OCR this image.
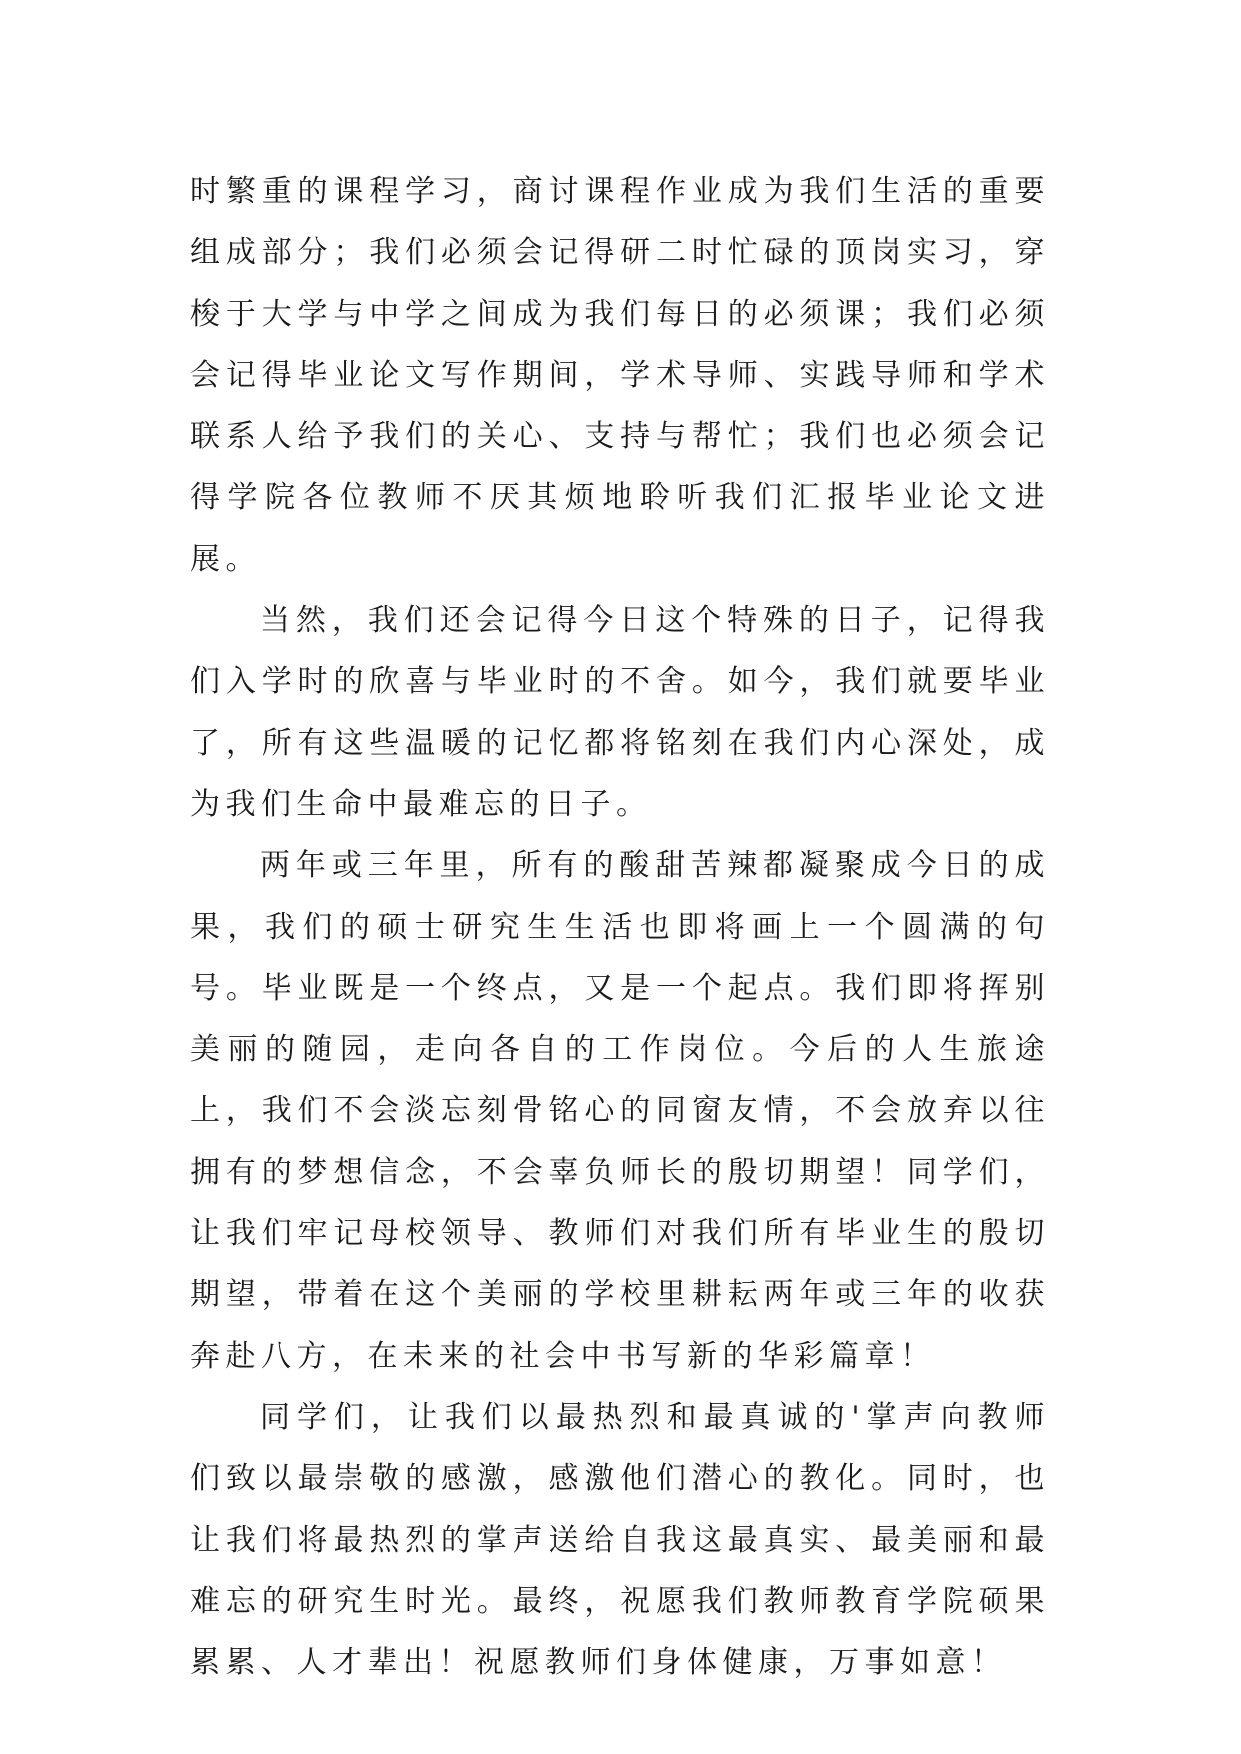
时繁重的课程学习，商讨课程作业成为我们生活的重要组成部分；我们必须会记得研二时忙碌的顶岗实习，穿梭于大学与中学之间成为我们每日的必须课；我们必须会记得毕业论文写作期间，学术导师、实践导师和学术联系人给予我们的关心、支持与帮忙；我们也必须会记得学院各位教师不厌其烦地聆听我们汇报毕业论文进展。

当然，我们还会记得今日这个特殊的日子，记得我们入学时的欣喜与毕业时的不舍。如今，我们就要毕业了，所有这些温暖的记忆都将铭刻在我们内心深处，成为我们生命中最难忘的日子。

两年或三年里，所有的酸甜苦辣都凝聚成今日的成果，我们的硕士研究生生活也即将画上一个圆满的句号。毕业既是一个终点，又是一个起点。我们即将挥别美丽的随园，走向各自的工作岗位。今后的人生旅途上，我们不会淡忘刻骨铭心的同窗友情，不会放弃以往拥有的梦想信念，不会辜负师长的殷切期望！同学们，让我们牢记母校领导、教师们对我们所有毕业生的殷切期望，带着在这个美丽的学校里耕耘两年或三年的收获奔赴八方，在未来的社会中书写新的华彩篇章！

同学们，让我们以最热烈和最真诚的'掌声向教师们致以最崇敬的感激，感激他们潜心的教化。同时，也让我们将最热烈的掌声送给自我这最真实、最美丽和最难忘的研究生时光。最终，祝愿我们教师教育学院硕果累累、人才辈出！祝愿教师们身体健康，万事如意！
